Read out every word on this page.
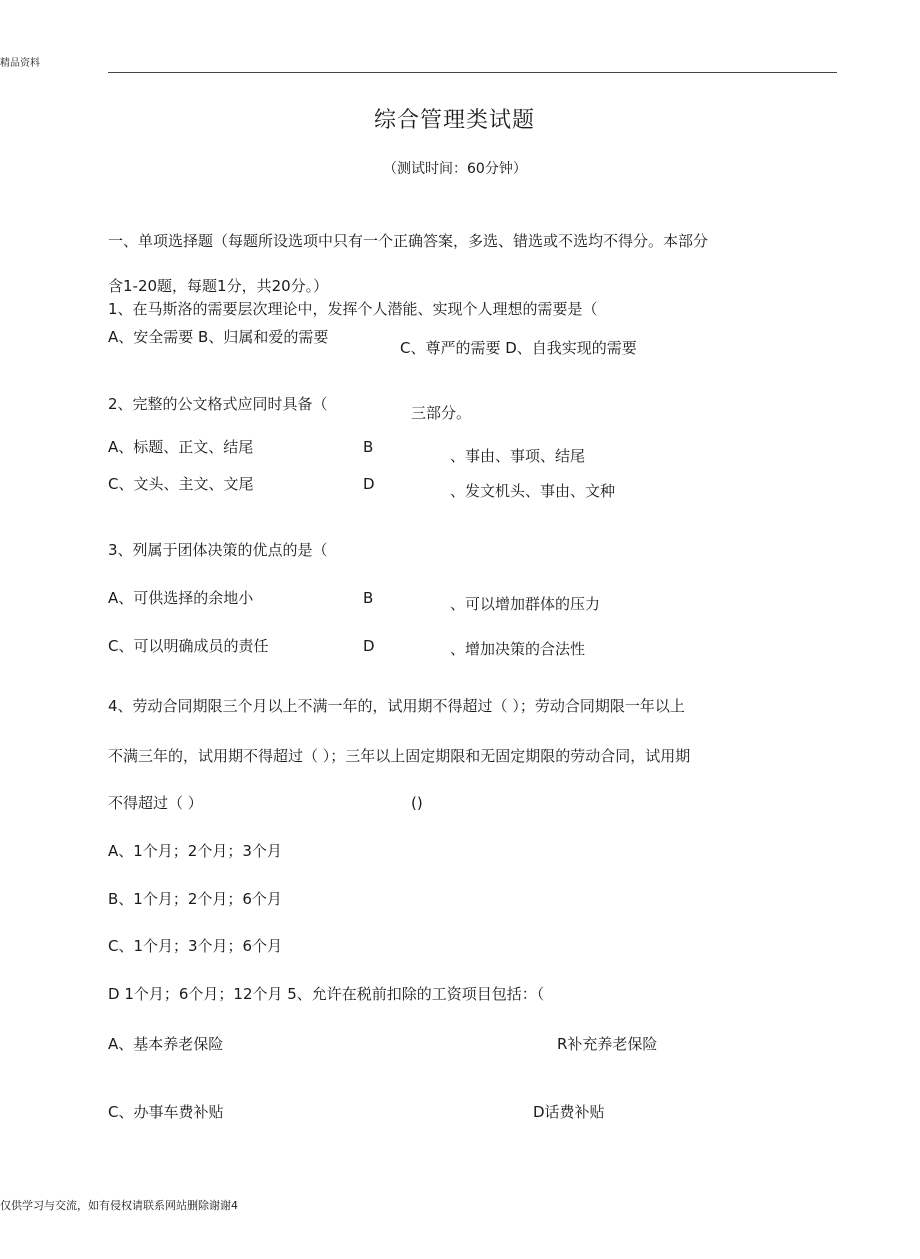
精品资料
综合管理类试题
（测试时间：60分钟）
一、单项选择题（每题所设选项中只有一个正确答案，多选、错选或不选均不得分。本部分
含1-20题，每题1分，共20分。）
1、在马斯洛的需要层次理论中，发挥个人潜能、实现个人理想的需要是（
A、安全需要 B、归属和爱的需要
C、尊严的需要 D、自我实现的需要
2、完整的公文格式应同时具备（	三部分。
A、标题、正文、结尾	B	、事由、事项、结尾
C、文头、主文、文尾	D	、发文机头、事由、文种
3、列属于团体决策的优点的是（
A、可供选择的余地小	B	、可以增加群体的压力
C、可以明确成员的责任	D	、增加决策的合法性
4、劳动合同期限三个月以上不满一年的，试用期不得超过（ ）；劳动合同期限一年以上
不满三年的，试用期不得超过（ ）；三年以上固定期限和无固定期限的劳动合同，试用期
不得超过（ ）	()
A、1个月；2个月；3个月
B、1个月；2个月；6个月
C、1个月；3个月；6个月
D 1个月；6个月；12个月 5、允许在税前扣除的工资项目包括：（
A、基本养老保险	R补充养老保险
C、办事车费补贴	D话费补贴
仅供学习与交流，如有侵权请联系网站删除谢谢4
